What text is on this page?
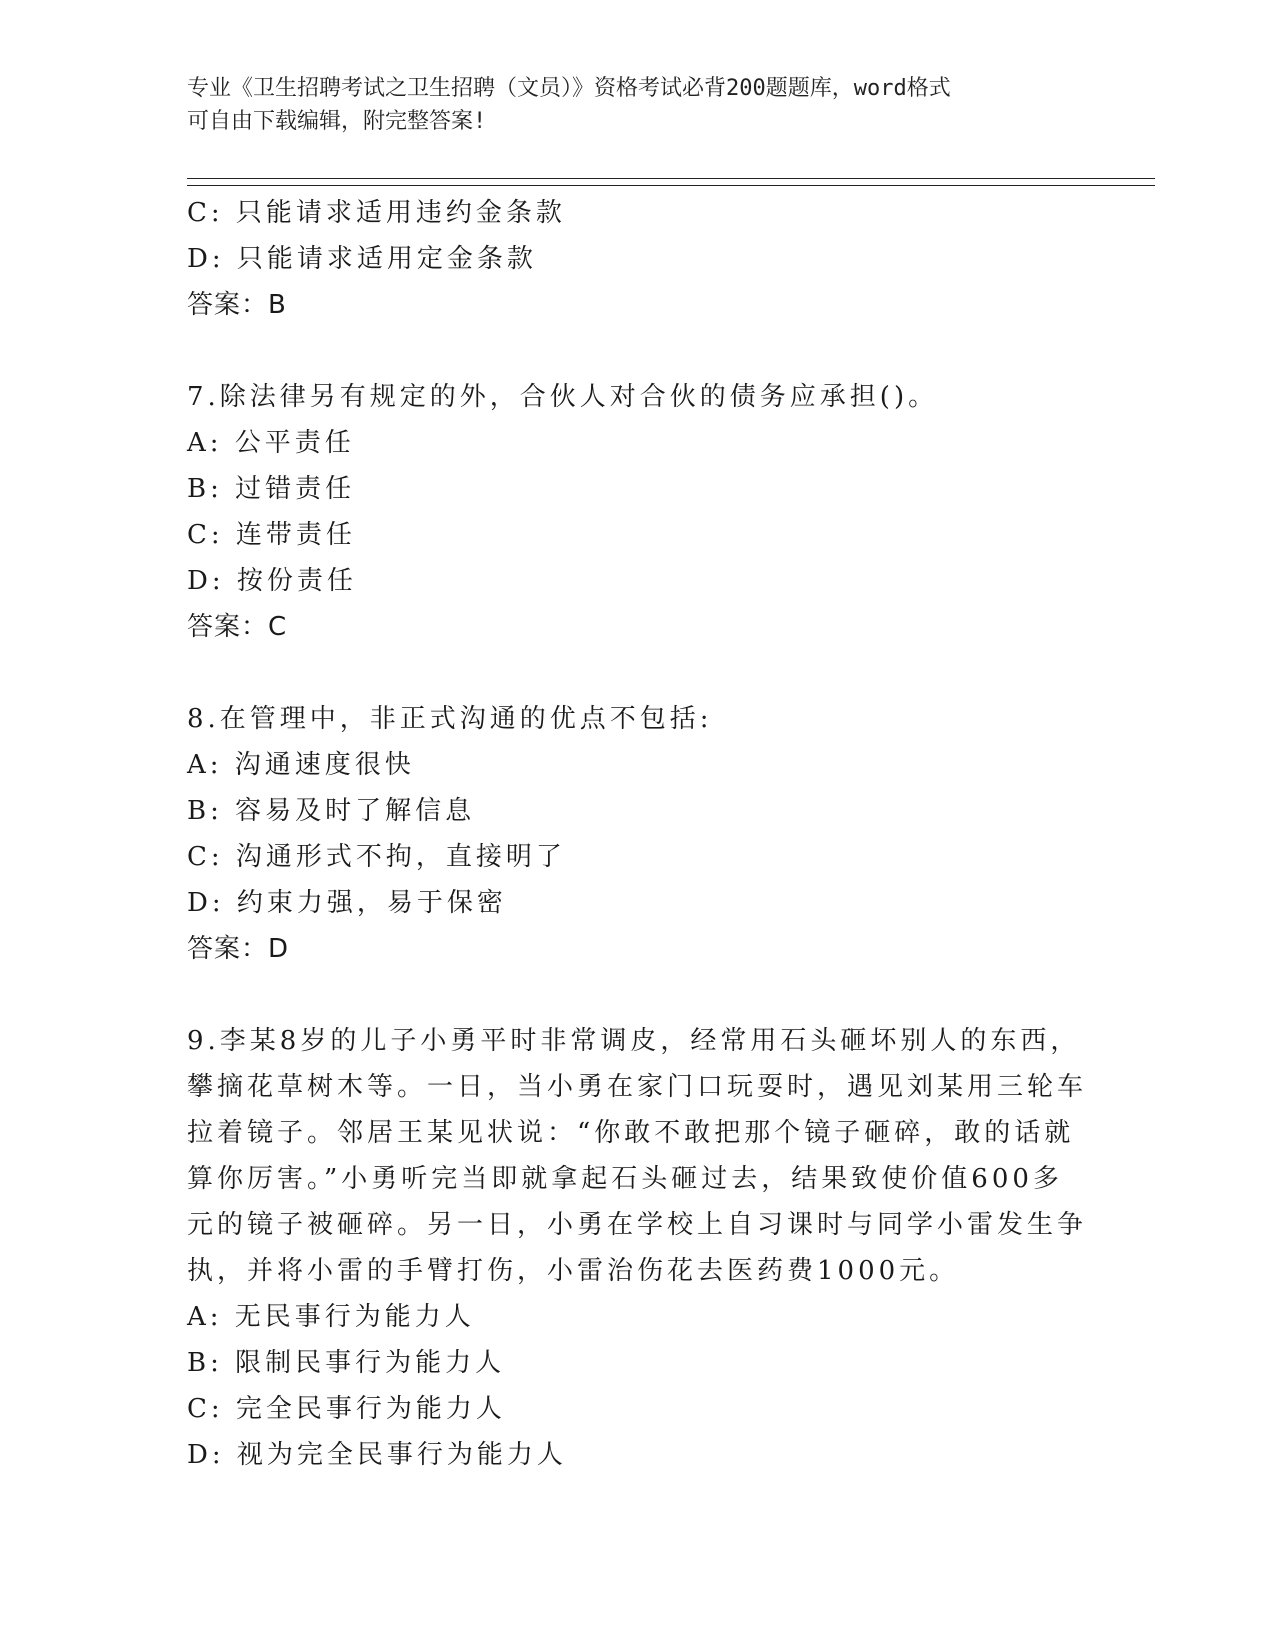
专业《卫生招聘考试之卫生招聘（文员）》资格考试必背200题题库，word格式
可自由下载编辑，附完整答案!
C: 只能请求适用违约金条款
D: 只能请求适用定金条款
答案：B
7.除法律另有规定的外，合伙人对合伙的债务应承担()。
A: 公平责任
B: 过错责任
C: 连带责任
D: 按份责任
答案：C
8.在管理中，非正式沟通的优点不包括:
A: 沟通速度很快
B: 容易及时了解信息
C: 沟通形式不拘，直接明了
D: 约束力强，易于保密
答案：D
9.李某8岁的儿子小勇平时非常调皮，经常用石头砸坏别人的东西，
攀摘花草树木等。一日，当小勇在家门口玩耍时，遇见刘某用三轮车
拉着镜子。邻居王某见状说：“你敢不敢把那个镜子砸碎，敢的话就
算你厉害。”小勇听完当即就拿起石头砸过去，结果致使价值600多
元的镜子被砸碎。另一日，小勇在学校上自习课时与同学小雷发生争
执，并将小雷的手臂打伤，小雷治伤花去医药费1000元。
A: 无民事行为能力人
B: 限制民事行为能力人
C: 完全民事行为能力人
D: 视为完全民事行为能力人
